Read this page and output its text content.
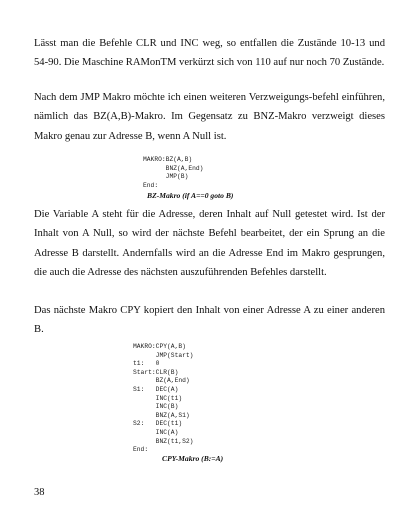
Lässt man die Befehle CLR und INC weg, so entfallen die Zustände 10-13 und 54-90. Die Maschine RAMonTM verkürzt sich von 110 auf nur noch 70 Zustände.

Nach dem JMP Makro möchte ich einen weiteren Verzweigungs-befehl einführen, nämlich das BZ(A,B)-Makro. Im Gegensatz zu BNZ-Makro verzweigt dieses Makro genau zur Adresse B, wenn A Null ist.

MAKRO:BZ(A,B)
BNZ(A,End)
JMP(B)
End:
BZ-Makro (if A==0 goto B)

Die Variable A steht für die Adresse, deren Inhalt auf Null getestet wird. Ist der Inhalt von A Null, so wird der nächste Befehl bearbeitet, der ein Sprung an die Adresse B darstellt. Andernfalls wird an die Adresse End im Makro gesprungen, die auch die Adresse des nächsten auszuführenden Befehles darstellt.

Das nächste Makro CPY kopiert den Inhalt von einer Adresse A zu einer anderen B.

MAKRO:CPY(A,B)
JMP(Start)
t1:   0
Start:CLR(B)
BZ(A,End)
S1:   DEC(A)
INC(t1)
INC(B)
BNZ(A,S1)
S2:   DEC(t1)
INC(A)
BNZ(t1,S2)
End:
CPY-Makro (B:=A)
38
